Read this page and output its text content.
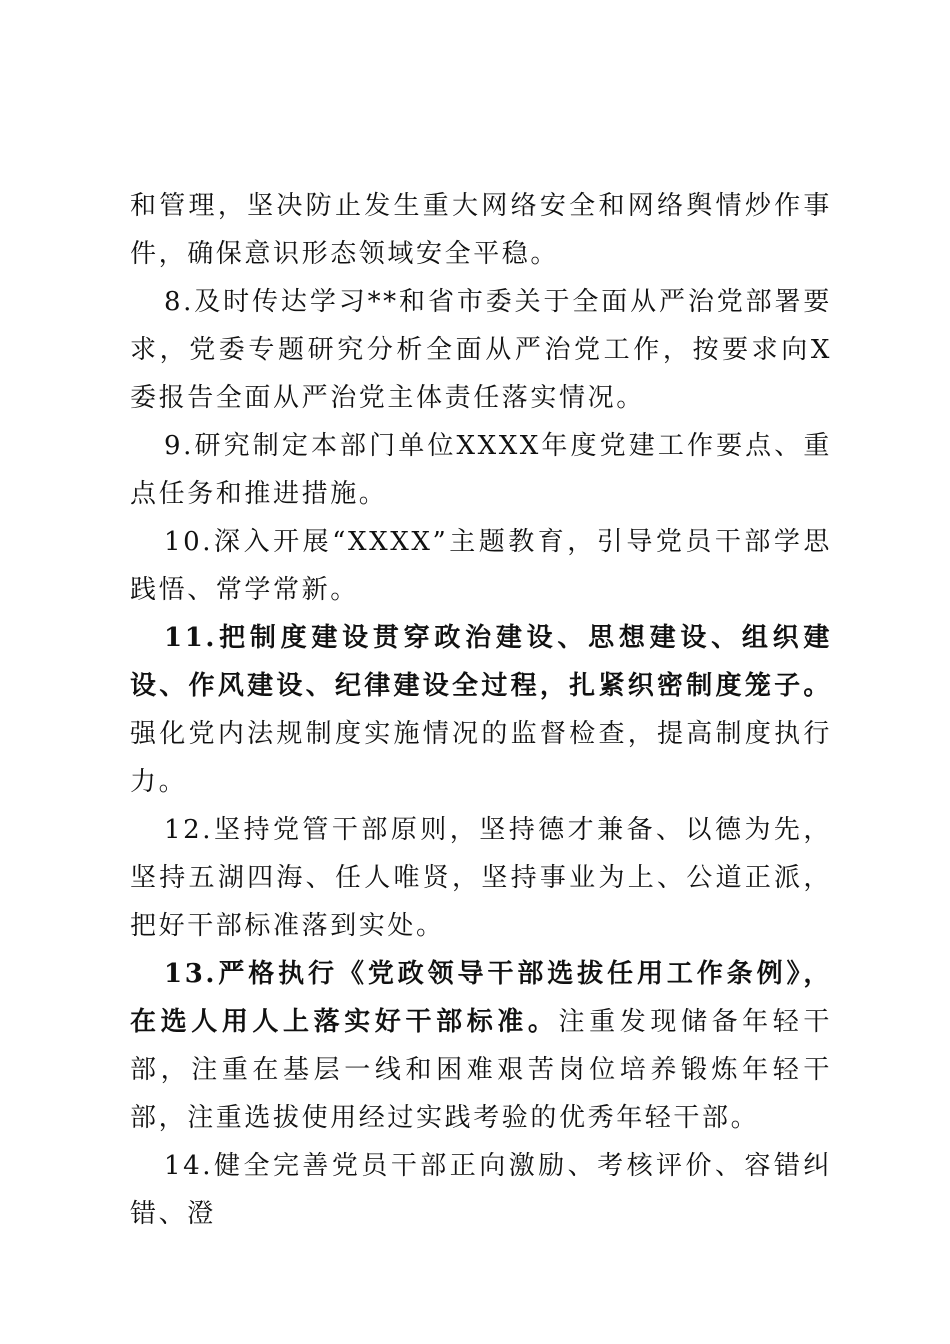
和管理，坚决防止发生重大网络安全和网络舆情炒作事件，确保意识形态领域安全平稳。

8.及时传达学习**和省市委关于全面从严治党部署要求，党委专题研究分析全面从严治党工作，按要求向X委报告全面从严治党主体责任落实情况。

9.研究制定本部门单位XXXX年度党建工作要点、重点任务和推进措施。

10.深入开展“XXXX”主题教育，引导党员干部学思践悟、常学常新。

11.把制度建设贯穿政治建设、思想建设、组织建设、作风建设、纪律建设全过程，扎紧织密制度笼子。强化党内法规制度实施情况的监督检查，提高制度执行力。

12.坚持党管干部原则，坚持德才兼备、以德为先，坚持五湖四海、任人唯贤，坚持事业为上、公道正派，把好干部标准落到实处。

13.严格执行《党政领导干部选拔任用工作条例》，在选人用人上落实好干部标准。注重发现储备年轻干部，注重在基层一线和困难艰苦岗位培养锻炼年轻干部，注重选拔使用经过实践考验的优秀年轻干部。

14.健全完善党员干部正向激励、考核评价、容错纠错、澄
